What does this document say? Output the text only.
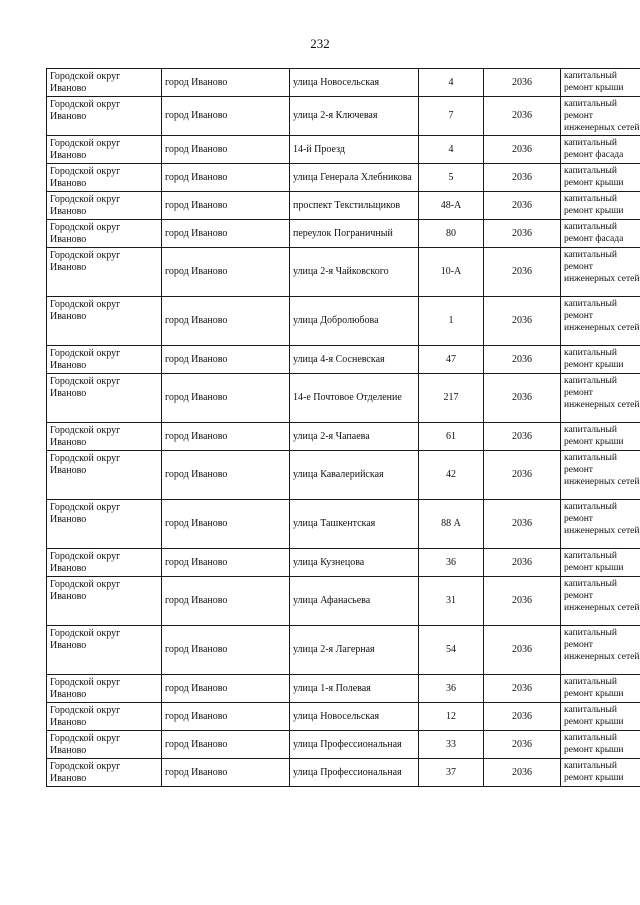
232
Городской округ Иваново	город Иваново	улица Новосельская	4	2036	капитальный ремонт крыши
Городской округ Иваново	город Иваново	улица 2-я Ключевая	7	2036	капитальный ремонт инженерных сетей
Городской округ Иваново	город Иваново	14-й Проезд	4	2036	капитальный ремонт фасада
Городской округ Иваново	город Иваново	улица Генерала Хлебникова	5	2036	капитальный ремонт крыши
Городской округ Иваново	город Иваново	проспект Текстильщиков	48-А	2036	капитальный ремонт крыши
Городской округ Иваново	город Иваново	переулок Пограничный	80	2036	капитальный ремонт фасада
Городской округ Иваново	город Иваново	улица 2-я Чайковского	10-А	2036	капитальный ремонт инженерных сетей
Городской округ Иваново	город Иваново	улица Добролюбова	1	2036	капитальный ремонт инженерных сетей
Городской округ Иваново	город Иваново	улица 4-я Сосневская	47	2036	капитальный ремонт крыши
Городской округ Иваново	город Иваново	14-е Почтовое Отделение	217	2036	капитальный ремонт инженерных сетей
Городской округ Иваново	город Иваново	улица 2-я Чапаева	61	2036	капитальный ремонт крыши
Городской округ Иваново	город Иваново	улица Кавалерийская	42	2036	капитальный ремонт инженерных сетей
Городской округ Иваново	город Иваново	улица Ташкентская	88 А	2036	капитальный ремонт инженерных сетей
Городской округ Иваново	город Иваново	улица Кузнецова	36	2036	капитальный ремонт крыши
Городской округ Иваново	город Иваново	улица Афанасьева	31	2036	капитальный ремонт инженерных сетей
Городской округ Иваново	город Иваново	улица 2-я Лагерная	54	2036	капитальный ремонт инженерных сетей
Городской округ Иваново	город Иваново	улица 1-я Полевая	36	2036	капитальный ремонт крыши
Городской округ Иваново	город Иваново	улица Новосельская	12	2036	капитальный ремонт крыши
Городской округ Иваново	город Иваново	улица Профессиональная	33	2036	капитальный ремонт крыши
Городской округ Иваново	город Иваново	улица Профессиональная	37	2036	капитальный ремонт крыши
